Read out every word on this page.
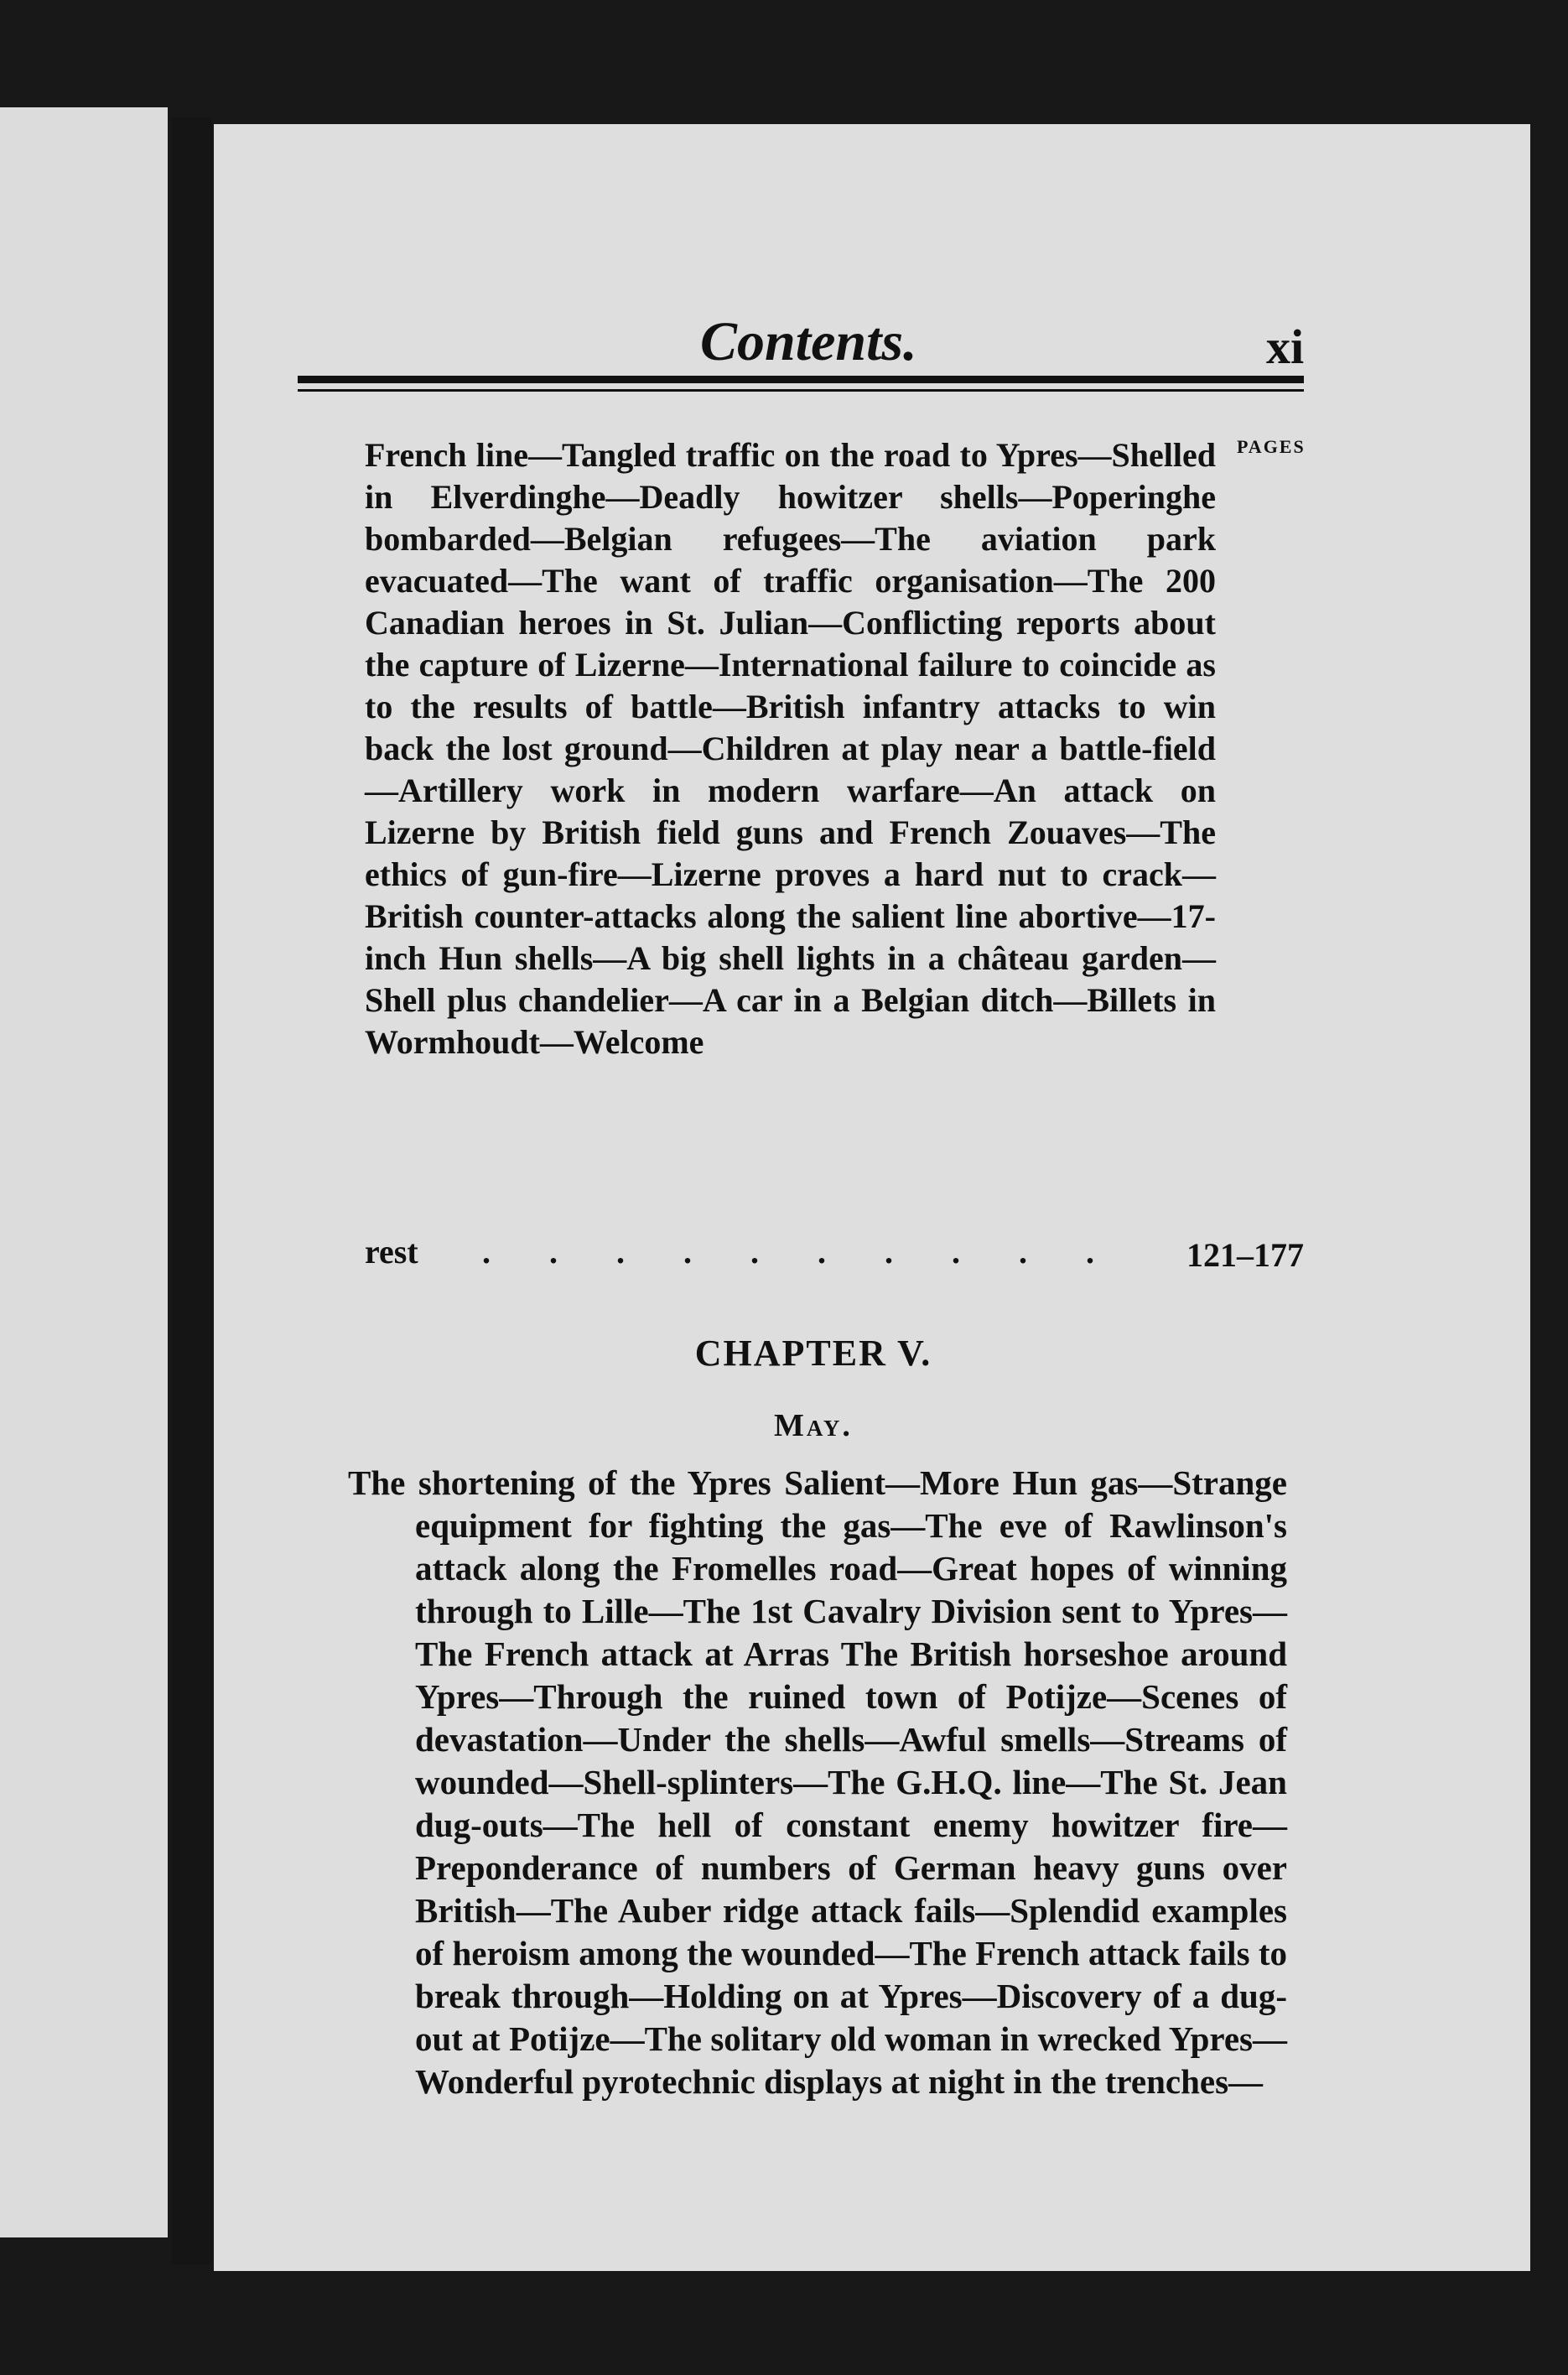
Contents.	xi

PAGES

French line—Tangled traffic on the road to Ypres—Shelled in Elverdinghe—Deadly howitzer shells—Poperinghe bombarded—Belgian refugees—The aviation park evacuated—The want of traffic organisation—The 200 Canadian heroes in St. Julian—Conflicting reports about the capture of Lizerne—International failure to coincide as to the results of battle—British infantry attacks to win back the lost ground—Children at play near a battle-field—Artillery work in modern warfare—An attack on Lizerne by British field guns and French Zouaves—The ethics of gun-fire—Lizerne proves a hard nut to crack—British counter-attacks along the salient line abortive—17-inch Hun shells—A big shell lights in a château garden—Shell plus chandelier—A car in a Belgian ditch—Billets in Wormhoudt—Welcome

rest . . . . . . . . . . 121–177

CHAPTER V.

May.

The shortening of the Ypres Salient—More Hun gas—Strange equipment for fighting the gas—The eve of Rawlinson's attack along the Fromelles road—Great hopes of winning through to Lille—The 1st Cavalry Division sent to Ypres—The French attack at Arras The British horseshoe around Ypres—Through the ruined town of Potijze—Scenes of devastation—Under the shells—Awful smells—Streams of wounded—Shell-splinters—The G.H.Q. line—The St. Jean dug-outs—The hell of constant enemy howitzer fire—Preponderance of numbers of German heavy guns over British—The Auber ridge attack fails—Splendid examples of heroism among the wounded—The French attack fails to break through—Holding on at Ypres—Discovery of a dug-out at Potijze—The solitary old woman in wrecked Ypres—Wonderful pyrotechnic displays at night in the trenches—
